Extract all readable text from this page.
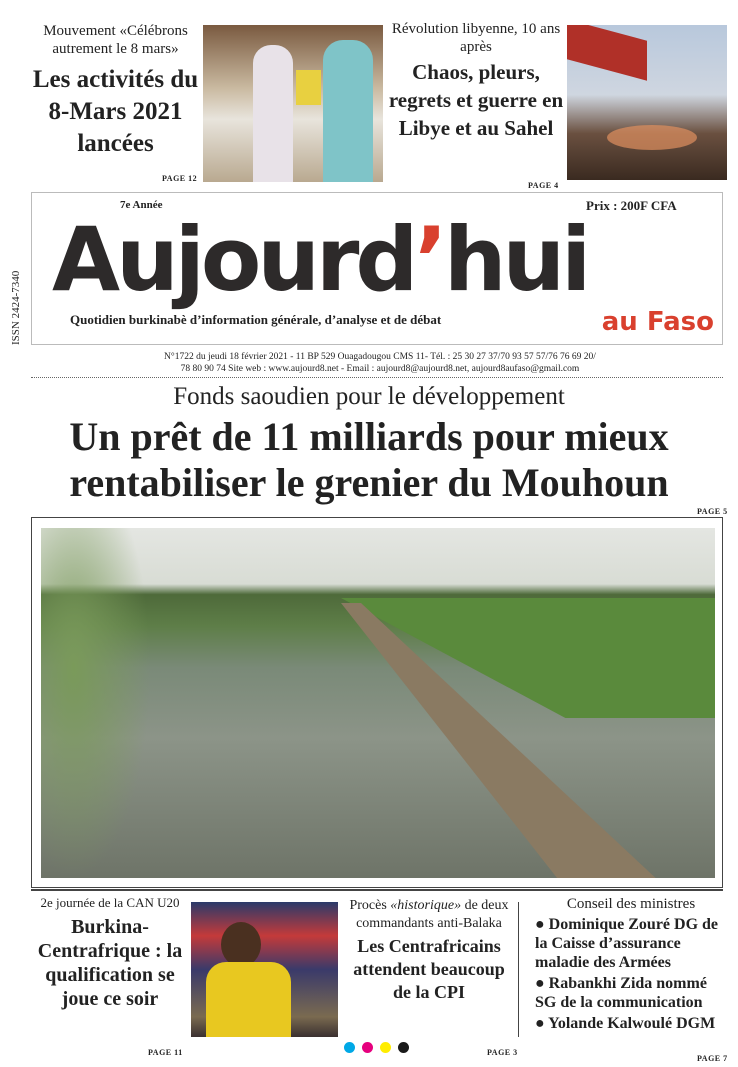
Mouvement «Célébrons autrement le 8 mars»
Les activités du 8-Mars 2021 lancées
PAGE 12
Révolution libyenne, 10 ans après
Chaos, pleurs, regrets et guerre en Libye et au Sahel
PAGE 4
7e Année	Prix : 200F CFA
Aujourd’hui
Quotidien burkinabè d’information générale, d’analyse et de débat	au Faso
ISSN 2424-7340
N°1722 du jeudi 18 février 2021 - 11 BP 529 Ouagadougou CMS 11- Tél. : 25 30 27 37/70 93 57 57/76 76 69 20/
78 80 90 74 Site web : www.aujourd8.net - Email : aujourd8@aujourd8.net, aujourd8aufaso@gmail.com
Fonds saoudien pour le développement
Un prêt de 11 milliards pour mieux
rentabiliser le grenier du Mouhoun
PAGE 5
2e journée de la CAN U20
Burkina-Centrafrique : la qualification se joue ce soir
PAGE 11
Procès «historique» de deux commandants anti-Balaka
Les Centrafricains attendent beaucoup de la CPI
PAGE 3
Conseil des ministres
● Dominique Zouré DG de la Caisse d’assurance maladie des Armées
● Rabankhi Zida nommé SG de la communication
● Yolande Kalwoulé DGM
PAGE 7
